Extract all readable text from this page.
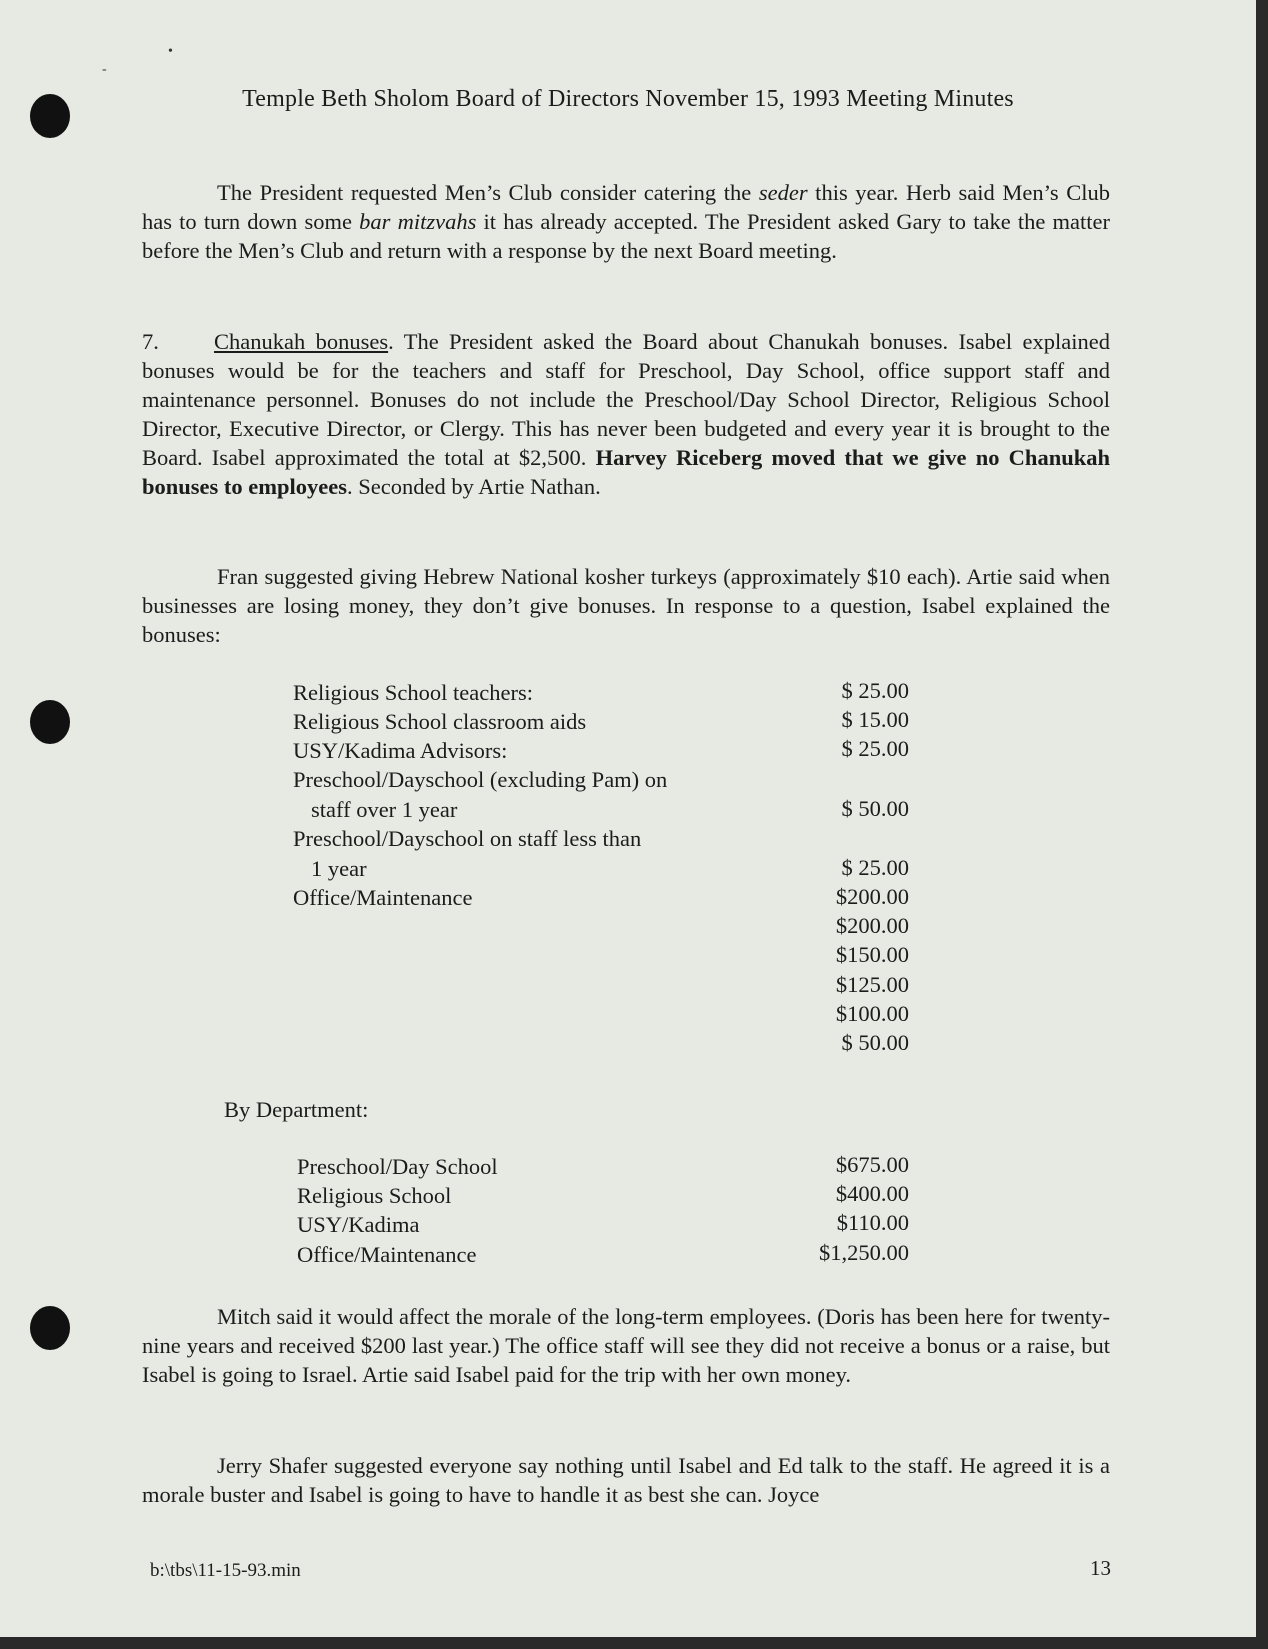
•
‐
Temple Beth Sholom Board of Directors November 15, 1993 Meeting Minutes
The President requested Men’s Club consider catering the seder this year. Herb said Men’s Club has to turn down some bar mitzvahs it has already accepted. The President asked Gary to take the matter before the Men’s Club and return with a response by the next Board meeting.
7. Chanukah bonuses. The President asked the Board about Chanukah bonuses. Isabel explained bonuses would be for the teachers and staff for Preschool, Day School, office support staff and maintenance personnel. Bonuses do not include the Preschool/Day School Director, Religious School Director, Executive Director, or Clergy. This has never been budgeted and every year it is brought to the Board. Isabel approximated the total at $2,500. Harvey Riceberg moved that we give no Chanukah bonuses to employees. Seconded by Artie Nathan.
Fran suggested giving Hebrew National kosher turkeys (approximately $10 each). Artie said when businesses are losing money, they don’t give bonuses. In response to a question, Isabel explained the bonuses:
Religious School teachers:
Religious School classroom aids
USY/Kadima Advisors:
Preschool/Dayschool (excluding Pam) on
staff over 1 year
Preschool/Dayschool on staff less than
1 year
Office/Maintenance
$ 25.00
$ 15.00
$ 25.00
$ 50.00
$ 25.00
$200.00
$200.00
$150.00
$125.00
$100.00
$ 50.00
By Department:
Preschool/Day School
Religious School
USY/Kadima
Office/Maintenance
$675.00
$400.00
$110.00
$1,250.00
Mitch said it would affect the morale of the long-term employees. (Doris has been here for twenty-nine years and received $200 last year.) The office staff will see they did not receive a bonus or a raise, but Isabel is going to Israel. Artie said Isabel paid for the trip with her own money.
Jerry Shafer suggested everyone say nothing until Isabel and Ed talk to the staff. He agreed it is a morale buster and Isabel is going to have to handle it as best she can. Joyce
b:\tbs\11-15-93.min	13
